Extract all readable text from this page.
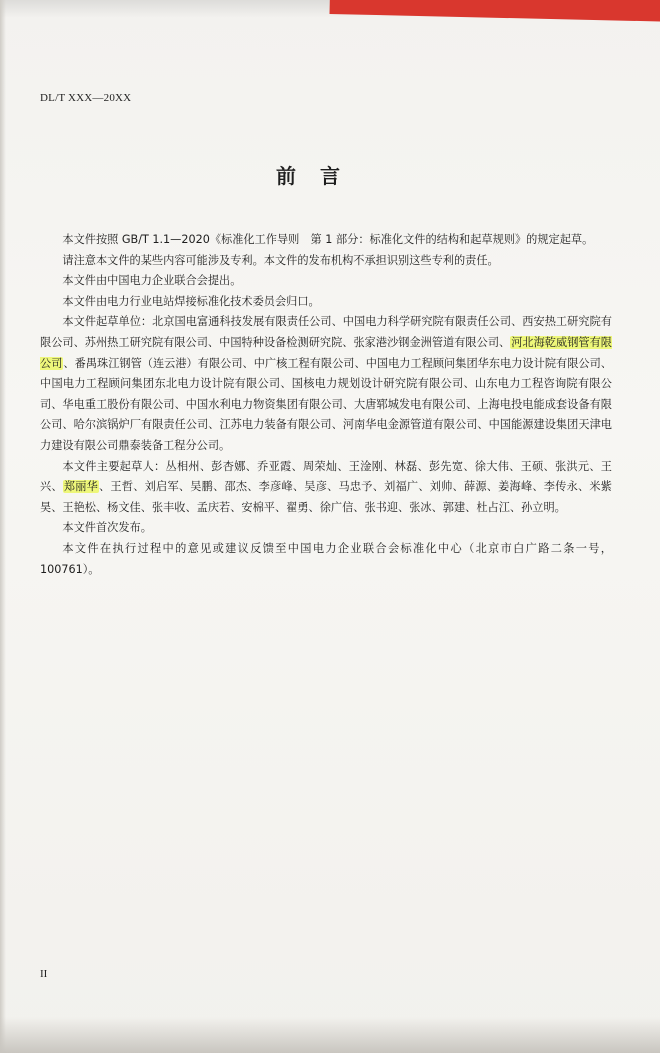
DL/T XXX—20XX
前言

本文件按照 GB/T 1.1—2020《标准化工作导则　第 1 部分：标准化文件的结构和起草规则》的规定起草。

请注意本文件的某些内容可能涉及专利。本文件的发布机构不承担识别这些专利的责任。

本文件由中国电力企业联合会提出。

本文件由电力行业电站焊接标准化技术委员会归口。

本文件起草单位：北京国电富通科技发展有限责任公司、中国电力科学研究院有限责任公司、西安热工研究院有限公司、苏州热工研究院有限公司、中国特种设备检测研究院、张家港沙钢金洲管道有限公司、河北海乾威钢管有限公司、番禺珠江钢管（连云港）有限公司、中广核工程有限公司、中国电力工程顾问集团华东电力设计院有限公司、中国电力工程顾问集团东北电力设计院有限公司、国核电力规划设计研究院有限公司、山东电力工程咨询院有限公司、华电重工股份有限公司、中国水利电力物资集团有限公司、大唐郓城发电有限公司、上海电投电能成套设备有限公司、哈尔滨锅炉厂有限责任公司、江苏电力装备有限公司、河南华电金源管道有限公司、中国能源建设集团天津电力建设有限公司鼎泰装备工程分公司。

本文件主要起草人：丛相州、彭杏娜、乔亚霞、周荣灿、王淦刚、林磊、彭先宽、徐大伟、王硕、张洪元、王兴、郑丽华、王哲、刘启军、吴鹏、邵杰、李彦峰、吴彦、马忠予、刘福广、刘帅、薛源、姜海峰、李传永、米紫昊、王艳松、杨文佳、张丰收、孟庆若、安棉平、翟勇、徐广信、张书迎、张冰、郭建、杜占江、孙立明。

本文件首次发布。

本文件在执行过程中的意见或建议反馈至中国电力企业联合会标准化中心（北京市白广路二条一号，100761）。

II
